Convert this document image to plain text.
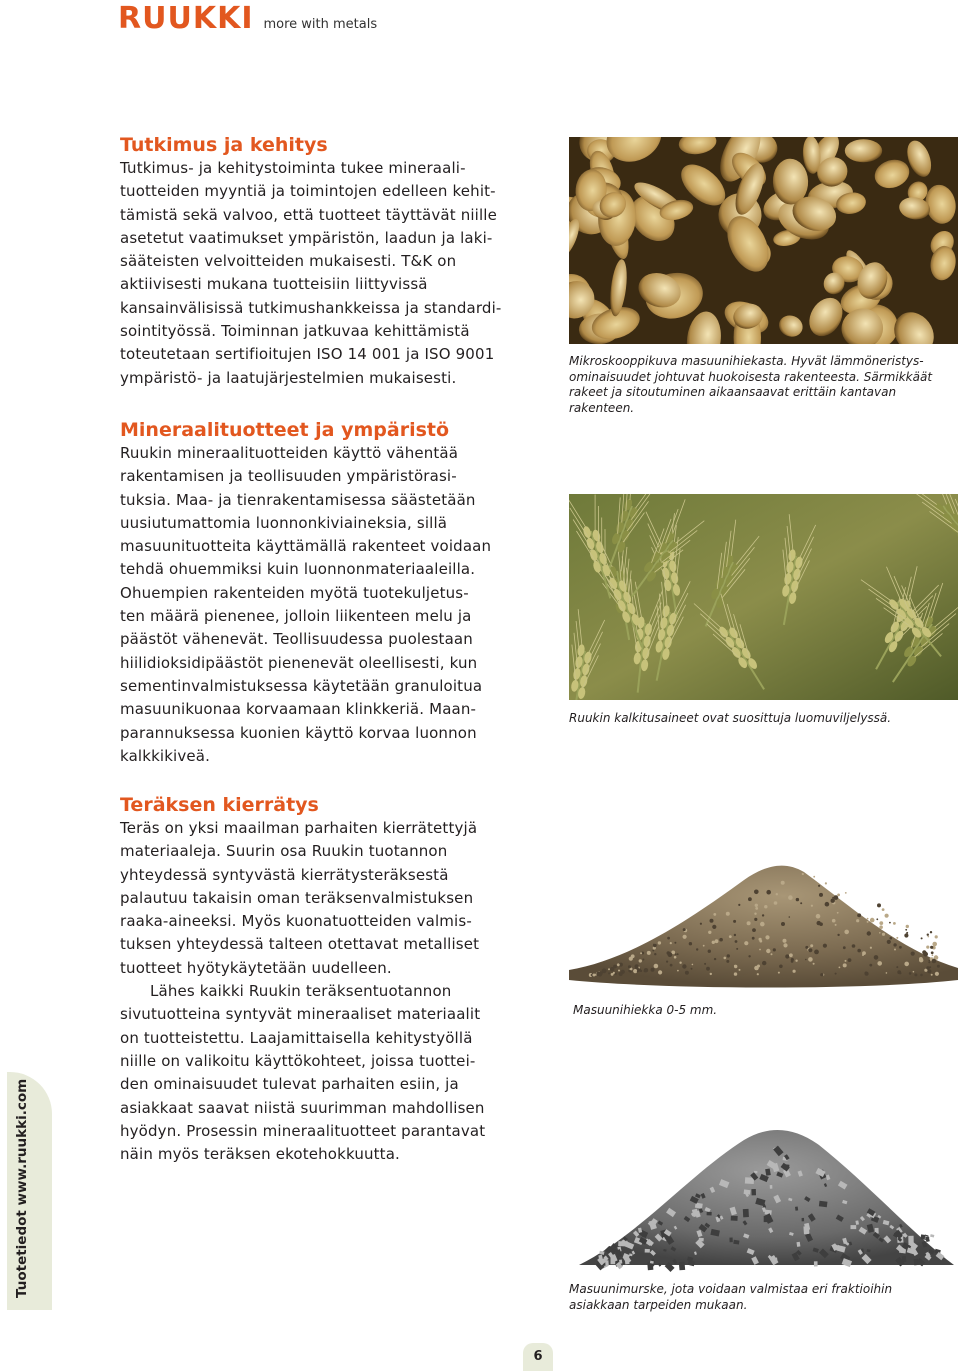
RUUKKI more with metals
Tutkimus ja kehitys
Tutkimus- ja kehitystoiminta tukee mineraali-
tuotteiden myyntiä ja toimintojen edelleen kehit-
tämistä sekä valvoo, että tuotteet täyttävät niille
asetetut vaatimukset ympäristön, laadun ja laki-
sääteisten velvoitteiden mukaisesti. T&K on
aktiivisesti mukana tuotteisiin liittyvissä
kansainvälisissä tutkimushankkeissa ja standardi-
sointityössä. Toiminnan jatkuvaa kehittämistä
toteutetaan sertifioitujen ISO 14 001 ja ISO 9001
ympäristö- ja laatujärjestelmien mukaisesti.
Mineraalituotteet ja ympäristö
Ruukin mineraalituotteiden käyttö vähentää
rakentamisen ja teollisuuden ympäristörasi-
tuksia. Maa- ja tienrakentamisessa säästetään
uusiutumattomia luonnonkiviaineksia, sillä
masuunituotteita käyttämällä rakenteet voidaan
tehdä ohuemmiksi kuin luonnonmateriaaleilla.
Ohuempien rakenteiden myötä tuotekuljetus-
ten määrä pienenee, jolloin liikenteen melu ja
päästöt vähenevät. Teollisuudessa puolestaan
hiilidioksidipäästöt pienenevät oleellisesti, kun
sementinvalmistuksessa käytetään granuloitua
masuunikuonaa korvaamaan klinkkeriä. Maan-
parannuksessa kuonien käyttö korvaa luonnon
kalkkikiveä.
Teräksen kierrätys
Teräs on yksi maailman parhaiten kierrätettyjä
materiaaleja. Suurin osa Ruukin tuotannon
yhteydessä syntyvästä kierrätysteräksestä
palautuu takaisin oman teräksenvalmistuksen
raaka-aineeksi. Myös kuonatuotteiden valmis-
tuksen yhteydessä talteen otettavat metalliset
tuotteet hyötykäytetään uudelleen.
Lähes kaikki Ruukin teräksentuotannon
sivutuotteina syntyvät mineraaliset materiaalit
on tuotteistettu. Laajamittaisella kehitystyöllä
niille on valikoitu käyttökohteet, joissa tuottei-
den ominaisuudet tulevat parhaiten esiin, ja
asiakkaat saavat niistä suurimman mahdollisen
hyödyn. Prosessin mineraalituotteet parantavat
näin myös teräksen ekotehokkuutta.
Mikroskooppikuva masuunihiekasta. Hyvät lämmöneristys-
ominaisuudet johtuvat huokoisesta rakenteesta. Särmikkäät
rakeet ja sitoutuminen aikaansaavat erittäin kantavan
rakenteen.
Ruukin kalkitusaineet ovat suosittuja luomuviljelyssä.
Masuunihiekka 0-5 mm.
Masuunimurske, jota voidaan valmistaa eri fraktioihin
asiakkaan tarpeiden mukaan.
Tuotetiedot www.ruukki.com
6
